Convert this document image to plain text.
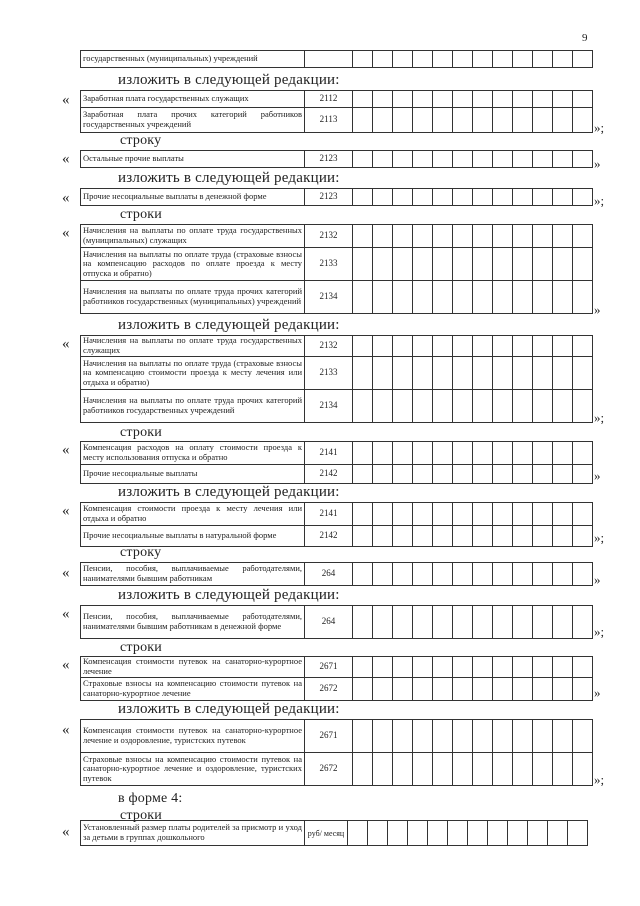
9
государственных (муниципальных) учреждений													
изложить в следующей редакции:
« Заработная плата государственных служащих	2112												
Заработная плата прочих категорий работников государственных учреждений	2113												
»;
строку
« Остальные прочие выплаты	2123													»
изложить в следующей редакции:
« Прочие несоциальные выплаты в денежной форме	2123													»;
строки
« Начисления на выплаты по оплате труда государственных (муниципальных) служащих	2132												
Начисления на выплаты по оплате труда (страховые взносы на компенсацию расходов по оплате проезда к месту отпуска и обратно)	2133												
Начисления на выплаты по оплате труда прочих категорий работников государственных (муниципальных) учреждений	2134												
»
изложить в следующей редакции:
« Начисления на выплаты по оплате труда государственных служащих	2132												
Начисления на выплаты по оплате труда (страховые взносы на компенсацию стоимости проезда к месту лечения или отдыха и обратно)	2133												
Начисления на выплаты по оплате труда прочих категорий работников государственных учреждений	2134												
»;
строки
« Компенсация расходов на оплату стоимости проезда к месту использования отпуска и обратно	2141												
Прочие несоциальные выплаты	2142													»
изложить в следующей редакции:
« Компенсация стоимости проезда к месту лечения или отдыха и обратно	2141												
Прочие несоциальные выплаты в натуральной форме	2142													»;
строку
« Пенсии, пособия, выплачиваемые работодателями, нанимателями бывшим работникам	264													»
изложить в следующей редакции:
« Пенсии, пособия, выплачиваемые работодателями, нанимателями бывшим работникам в денежной форме	264												
»;
строки
« Компенсация стоимости путевок на санаторно-курортное лечение	2671												
Страховые взносы на компенсацию стоимости путевок на санаторно-курортное лечение	2672													»
изложить в следующей редакции:
« Компенсация стоимости путевок на санаторно-курортное лечение и оздоровление, туристских путевок	2671												
Страховые взносы на компенсацию стоимости путевок на санаторно-курортное лечение и оздоровление, туристских путевок	2672												
»;
в форме 4:
строки
« Установленный размер платы родителей за присмотр и уход за детьми в группах дошкольного	руб/ месяц												
